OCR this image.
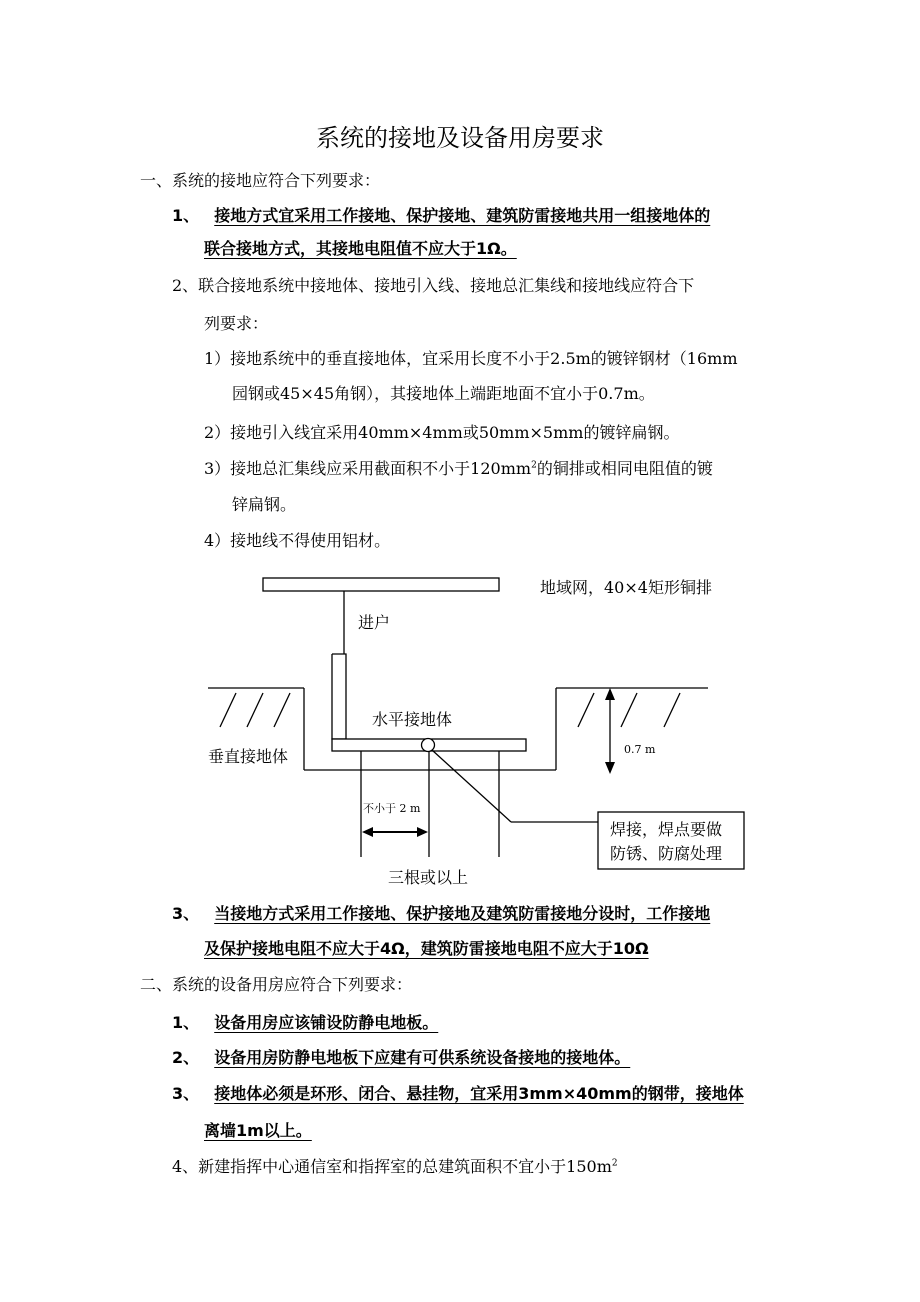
系统的接地及设备用房要求
一、系统的接地应符合下列要求：
1、 接地方式宜采用工作接地、保护接地、建筑防雷接地共用一组接地体的
联合接地方式，其接地电阻值不应大于1Ω。
2、联合接地系统中接地体、接地引入线、接地总汇集线和接地线应符合下
列要求：
1）接地系统中的垂直接地体，宜采用长度不小于2.5m的镀锌钢材（16mm
园钢或45×45角钢），其接地体上端距地面不宜小于0.7m。
2）接地引入线宜采用40mm×4mm或50mm×5mm的镀锌扁钢。
3）接地总汇集线应采用截面积不小于$120mm^2$的铜排或相同电阻值的镀
锌扁钢。
4）接地线不得使用铝材。
地域网，40×4矩形铜排
进户
水平接地体
垂直接地体	0.7 m
不小于 2 m
焊接，焊点要做
防锈、防腐处理
三根或以上
3、 当接地方式采用工作接地、保护接地及建筑防雷接地分设时，工作接地
及保护接地电阻不应大于4Ω，建筑防雷接地电阻不应大于10Ω
二、系统的设备用房应符合下列要求：
1、 设备用房应该铺设防静电地板。
2、 设备用房防静电地板下应建有可供系统设备接地的接地体。
3、 接地体必须是环形、闭合、悬挂物，宜采用3mm×40mm的钢带，接地体
离墙1m以上。
4、新建指挥中心通信室和指挥室的总建筑面积不宜小于$150m^2$
